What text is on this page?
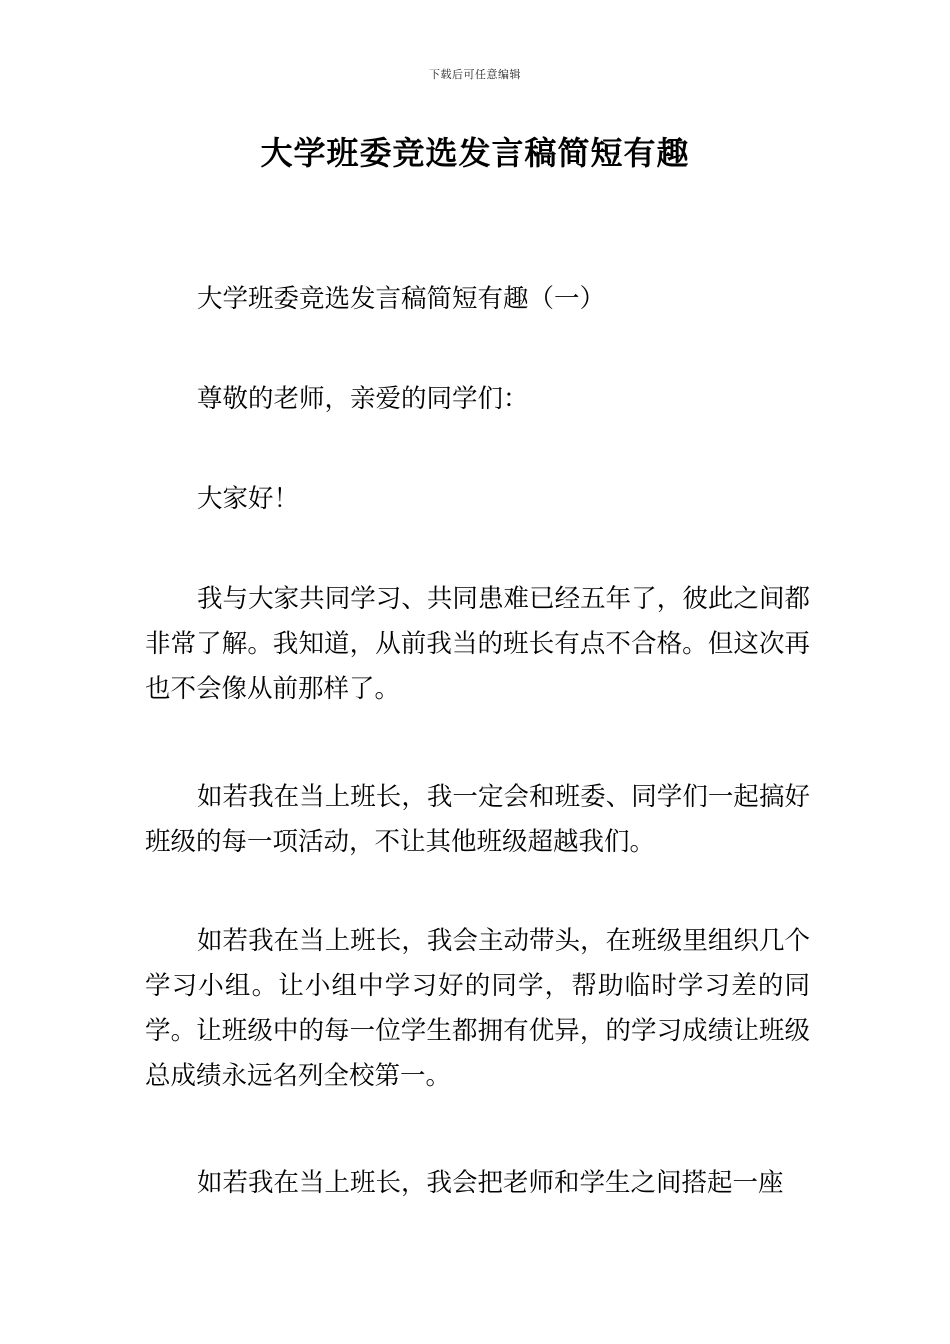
下载后可任意编辑
大学班委竞选发言稿简短有趣

大学班委竞选发言稿简短有趣（一）

尊敬的老师，亲爱的同学们：

大家好！

我与大家共同学习、共同患难已经五年了，彼此之间都非常了解。我知道，从前我当的班长有点不合格。但这次再也不会像从前那样了。

如若我在当上班长，我一定会和班委、同学们一起搞好班级的每一项活动，不让其他班级超越我们。

如若我在当上班长，我会主动带头，在班级里组织几个学习小组。让小组中学习好的同学，帮助临时学习差的同学。让班级中的每一位学生都拥有优异，的学习成绩让班级总成绩永远名列全校第一。

如若我在当上班长，我会把老师和学生之间搭起一座
